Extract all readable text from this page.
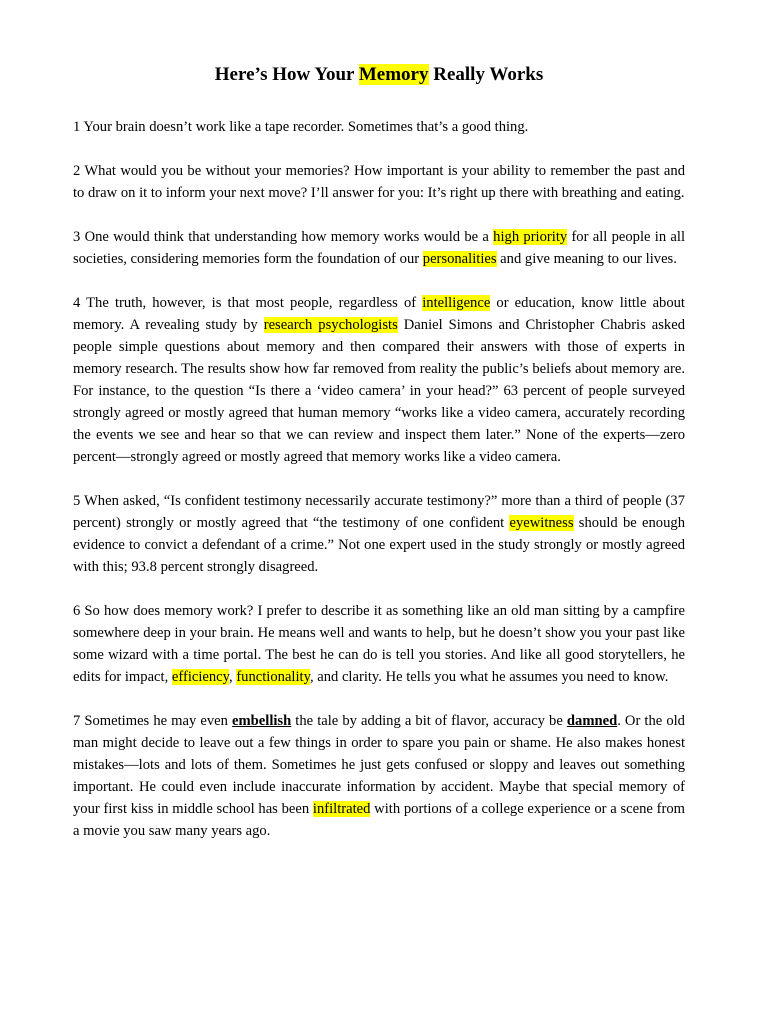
Here’s How Your Memory Really Works

1 Your brain doesn’t work like a tape recorder. Sometimes that’s a good thing.

2 What would you be without your memories? How important is your ability to remember the past and to draw on it to inform your next move? I’ll answer for you: It’s right up there with breathing and eating.

3 One would think that understanding how memory works would be a high priority for all people in all societies, considering memories form the foundation of our personalities and give meaning to our lives.

4 The truth, however, is that most people, regardless of intelligence or education, know little about memory. A revealing study by research psychologists Daniel Simons and Christopher Chabris asked people simple questions about memory and then compared their answers with those of experts in memory research. The results show how far removed from reality the public’s beliefs about memory are. For instance, to the question “Is there a ‘video camera’ in your head?” 63 percent of people surveyed strongly agreed or mostly agreed that human memory “works like a video camera, accurately recording the events we see and hear so that we can review and inspect them later.” None of the experts—zero percent—strongly agreed or mostly agreed that memory works like a video camera.

5 When asked, “Is confident testimony necessarily accurate testimony?” more than a third of people (37 percent) strongly or mostly agreed that “the testimony of one confident eyewitness should be enough evidence to convict a defendant of a crime.” Not one expert used in the study strongly or mostly agreed with this; 93.8 percent strongly disagreed.

6 So how does memory work? I prefer to describe it as something like an old man sitting by a campfire somewhere deep in your brain. He means well and wants to help, but he doesn’t show you your past like some wizard with a time portal. The best he can do is tell you stories. And like all good storytellers, he edits for impact, efficiency, functionality, and clarity. He tells you what he assumes you need to know.

7 Sometimes he may even embellish the tale by adding a bit of flavor, accuracy be damned. Or the old man might decide to leave out a few things in order to spare you pain or shame. He also makes honest mistakes—lots and lots of them. Sometimes he just gets confused or sloppy and leaves out something important. He could even include inaccurate information by accident. Maybe that special memory of your first kiss in middle school has been infiltrated with portions of a college experience or a scene from a movie you saw many years ago.
